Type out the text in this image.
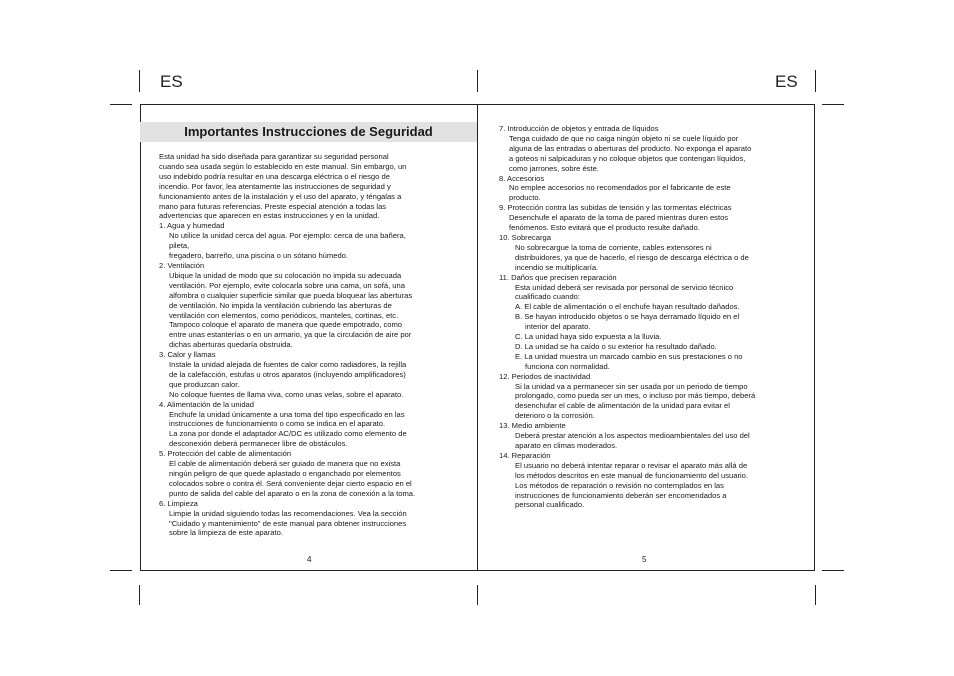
ES	ES
Importantes Instrucciones de Seguridad
Esta unidad ha sido diseñada para garantizar su seguridad personal
cuando sea usada según lo establecido en este manual. Sin embargo, un
uso indebido podría resultar en una descarga eléctrica o el riesgo de
incendio. Por favor, lea atentamente las instrucciones de seguridad y
funcionamiento antes de la instalación y el uso del aparato, y téngalas a
mano para futuras referencias. Preste especial atención a todas las
advertencias que aparecen en estas instrucciones y en la unidad.
1. Agua y humedad
No utilice la unidad cerca del agua. Por ejemplo: cerca de una bañera,
pileta,
fregadero, barreño, una piscina o un sótano húmedo.
2. Ventilación
Ubique la unidad de modo que su colocación no impida su adecuada
ventilación. Por ejemplo, evite colocarla sobre una cama, un sofá, una
alfombra o cualquier superficie similar que pueda bloquear las aberturas
de ventilación. No impida la ventilación cubriendo las aberturas de
ventilación con elementos, como periódicos, manteles, cortinas, etc.
Tampoco coloque el aparato de manera que quede empotrado, como
entre unas estanterías o en un armario, ya que la circulación de aire por
dichas aberturas quedaría obstruida.
3. Calor y llamas
Instale la unidad alejada de fuentes de calor como radiadores, la rejilla
de la calefacción, estufas u otros aparatos (incluyendo amplificadores)
que produzcan calor.
No coloque fuentes de llama viva, como unas velas, sobre el aparato.
4. Alimentación de la unidad
Enchufe la unidad únicamente a una toma del tipo especificado en las
instrucciones de funcionamiento o como se indica en el aparato.
La zona por donde el adaptador AC/DC es utilizado como elemento de
desconexión deberá permanecer libre de obstáculos.
5. Protección del cable de alimentación
El cable de alimentación deberá ser guiado de manera que no exista
ningún peligro de que quede aplastado o enganchado por elementos
colocados sobre o contra él. Será conveniente dejar cierto espacio en el
punto de salida del cable del aparato o en la zona de conexión a la toma.
6. Limpieza
Limpie la unidad siguiendo todas las recomendaciones. Vea la sección
"Cuidado y mantenimiento" de este manual para obtener instrucciones
sobre la limpieza de este aparato.
4
7. Introducción de objetos y entrada de líquidos
Tenga cuidado de que no caiga ningún objeto ni se cuele líquido por
alguna de las entradas o aberturas del producto. No exponga el aparato
a goteos ni salpicaduras y no coloque objetos que contengan líquidos,
como jarrones, sobre éste.
8. Accesorios
No emplee accesorios no recomendados por el fabricante de este
producto.
9. Protección contra las subidas de tensión y las tormentas eléctricas
Desenchufe el aparato de la toma de pared mientras duren estos
fenómenos. Esto evitará que el producto resulte dañado.
10. Sobrecarga
No sobrecargue la toma de corriente, cables extensores ni
distribuidores, ya que de hacerlo, el riesgo de descarga eléctrica o de
incendio se multiplicaría.
11. Daños que precisen reparación
Esta unidad deberá ser revisada por personal de servicio técnico
cualificado cuando:
A. El cable de alimentación o el enchufe hayan resultado dañados.
B. Se hayan introducido objetos o se haya derramado líquido en el
interior del aparato.
C. La unidad haya sido expuesta a la lluvia.
D. La unidad se ha caído o su exterior ha resultado dañado.
E. La unidad muestra un marcado cambio en sus prestaciones o no
funciona con normalidad.
12. Periodos de inactividad
Si la unidad va a permanecer sin ser usada por un periodo de tiempo
prolongado, como pueda ser un mes, o incluso por más tiempo, deberá
desenchufar el cable de alimentación de la unidad para evitar el
deterioro o la corrosión.
13. Medio ambiente
Deberá prestar atención a los aspectos medioambientales del uso del
aparato en climas moderados.
14. Reparación
El usuario no deberá intentar reparar o revisar el aparato más allá de
los métodos descritos en este manual de funcionamiento del usuario.
Los métodos de reparación o revisión no contemplados en las
instrucciones de funcionamiento deberán ser encomendados a
personal cualificado.
5
